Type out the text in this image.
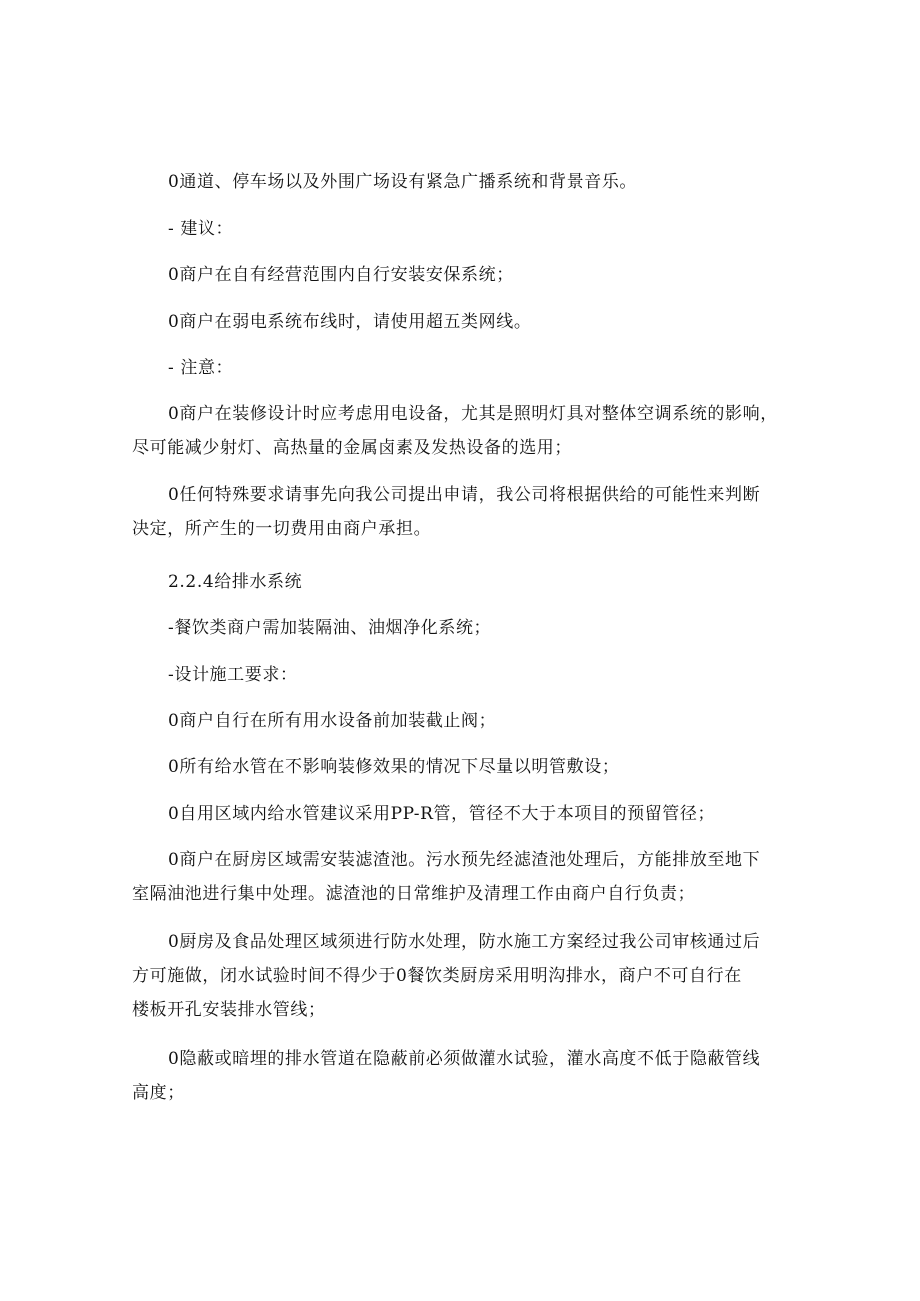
0通道、停车场以及外围广场设有紧急广播系统和背景音乐。
- 建议：
0商户在自有经营范围内自行安装安保系统；
0商户在弱电系统布线时，请使用超五类网线。
- 注意：
0商户在装修设计时应考虑用电设备，尤其是照明灯具对整体空调系统的影响，
尽可能减少射灯、高热量的金属卤素及发热设备的选用；
0任何特殊要求请事先向我公司提出申请，我公司将根据供给的可能性来判断
决定，所产生的一切费用由商户承担。
2.2.4给排水系统
-餐饮类商户需加装隔油、油烟净化系统；
-设计施工要求：
0商户自行在所有用水设备前加装截止阀；
0所有给水管在不影响装修效果的情况下尽量以明管敷设；
0自用区域内给水管建议采用PP-R管，管径不大于本项目的预留管径；
0商户在厨房区域需安装滤渣池。污水预先经滤渣池处理后，方能排放至地下
室隔油池进行集中处理。滤渣池的日常维护及清理工作由商户自行负责；
0厨房及食品处理区域须进行防水处理，防水施工方案经过我公司审核通过后
方可施做，闭水试验时间不得少于0餐饮类厨房采用明沟排水，商户不可自行在
楼板开孔安装排水管线；
0隐蔽或暗埋的排水管道在隐蔽前必须做灌水试验，灌水高度不低于隐蔽管线
高度；
